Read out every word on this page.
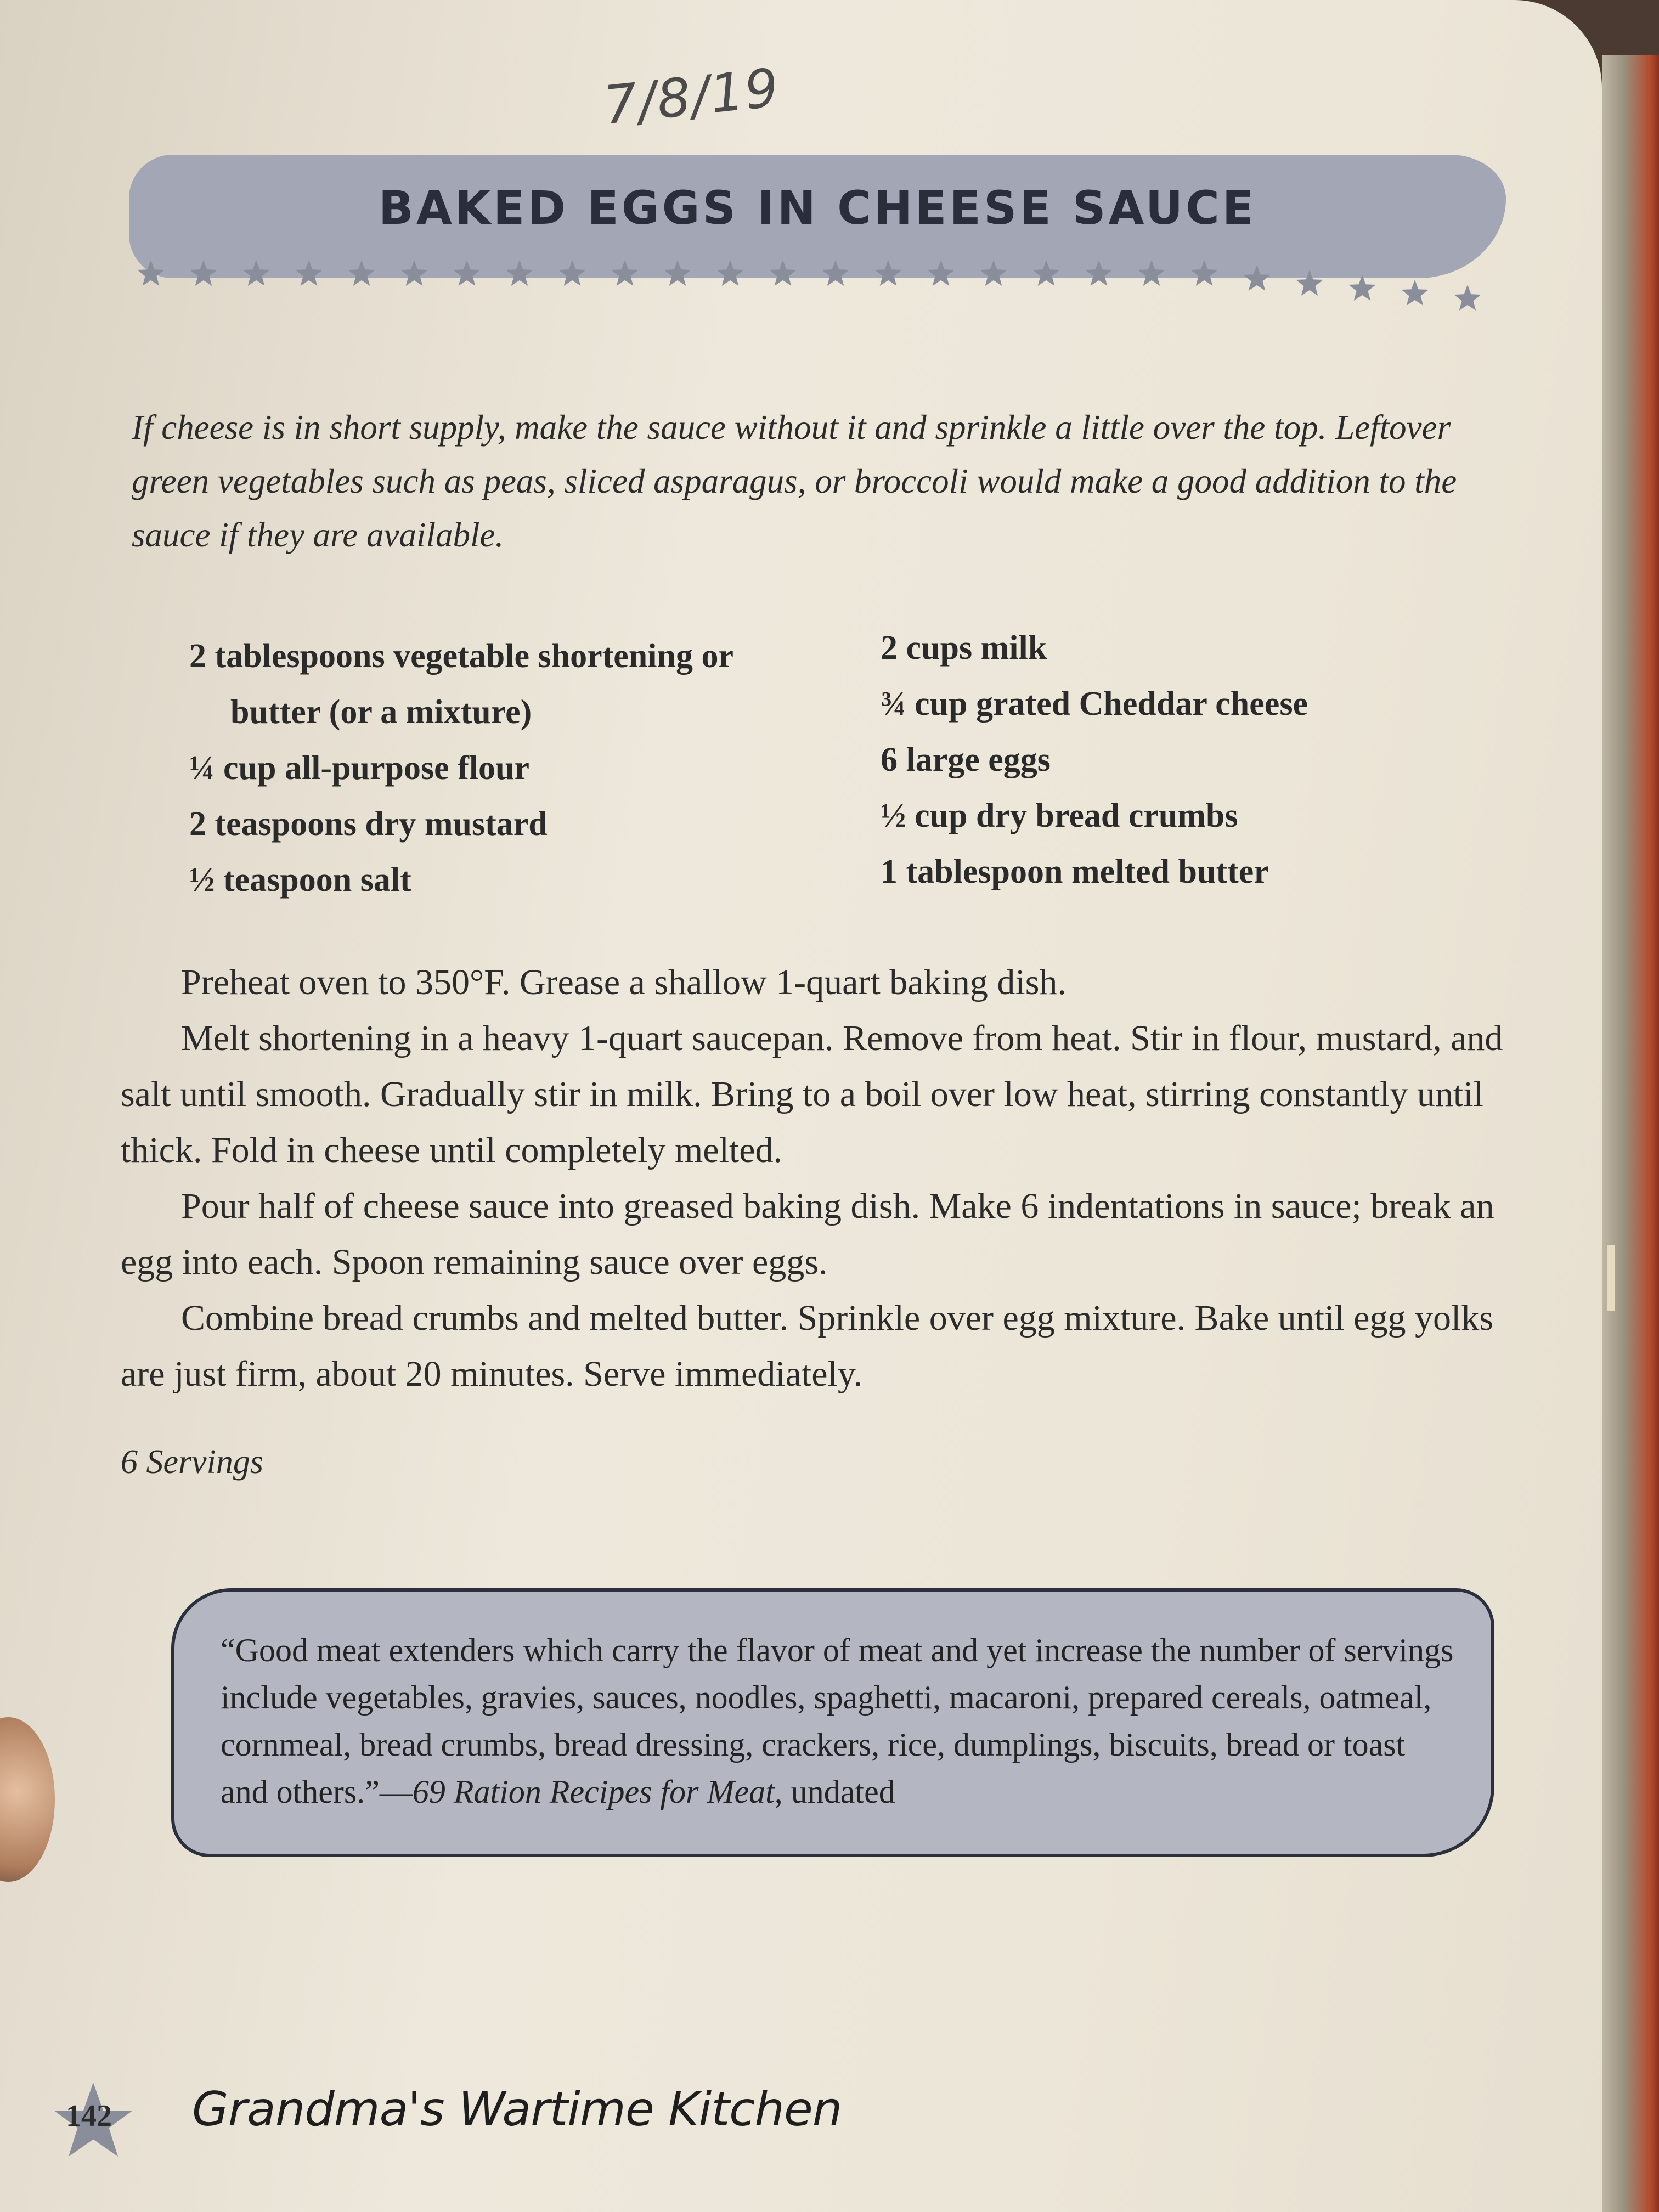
7/8/19
BAKED EGGS IN CHEESE SAUCE
If cheese is in short supply, make the sauce without it and sprinkle a little over the top. Leftover green vegetables such as peas, sliced asparagus, or broccoli would make a good addition to the sauce if they are available.
2 tablespoons vegetable shortening or
butter (or a mixture)
¼ cup all-purpose flour
2 teaspoons dry mustard
½ teaspoon salt
2 cups milk
¾ cup grated Cheddar cheese
6 large eggs
½ cup dry bread crumbs
1 tablespoon melted butter

Preheat oven to 350°F. Grease a shallow 1-quart baking dish.

Melt shortening in a heavy 1-quart saucepan. Remove from heat. Stir in flour, mustard, and salt until smooth. Gradually stir in milk. Bring to a boil over low heat, stirring constantly until thick. Fold in cheese until completely melted.

Pour half of cheese sauce into greased baking dish. Make 6 indentations in sauce; break an egg into each. Spoon remaining sauce over eggs.

Combine bread crumbs and melted butter. Sprinkle over egg mixture. Bake until egg yolks are just firm, about 20 minutes. Serve immediately.

6 Servings
“Good meat extenders which carry the flavor of meat and yet increase the number of servings include vegetables, gravies, sauces, noodles, spaghetti, macaroni, prepared cereals, oatmeal, cornmeal, bread crumbs, bread dressing, crackers, rice, dumplings, biscuits, bread or toast and others.”—69 Ration Recipes for Meat, undated
142 Grandma's Wartime Kitchen
